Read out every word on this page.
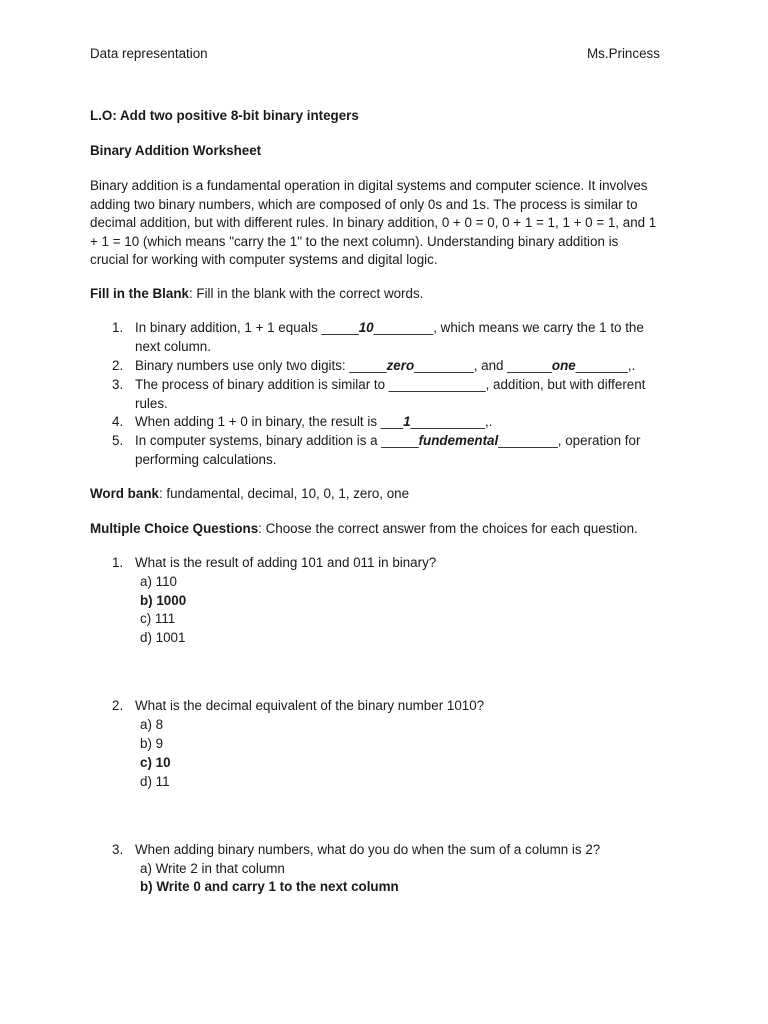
Data representation	Ms.Princess
L.O: Add two positive 8-bit binary integers
Binary Addition Worksheet

Binary addition is a fundamental operation in digital systems and computer science. It involves
adding two binary numbers, which are composed of only 0s and 1s. The process is similar to
decimal addition, but with different rules. In binary addition, 0 + 0 = 0, 0 + 1 = 1, 1 + 0 = 1, and 1
+ 1 = 10 (which means "carry the 1" to the next column). Understanding binary addition is
crucial for working with computer systems and digital logic.

Fill in the Blank: Fill in the blank with the correct words.
1. In binary addition, 1 + 1 equals _____10________, which means we carry the 1 to the
next column.
2. Binary numbers use only two digits: _____zero________, and ______one_______,.
3. The process of binary addition is similar to _____________, addition, but with different
rules.
4. When adding 1 + 0 in binary, the result is ___1__________,.
5. In computer systems, binary addition is a _____fundemental________, operation for
performing calculations.
Word bank: fundamental, decimal, 10, 0, 1, zero, one
Multiple Choice Questions: Choose the correct answer from the choices for each question.
1. What is the result of adding 101 and 011 in binary?
a) 110
b) 1000
c) 111
d) 1001
2. What is the decimal equivalent of the binary number 1010?
a) 8
b) 9
c) 10
d) 11
3. When adding binary numbers, what do you do when the sum of a column is 2?
a) Write 2 in that column
b) Write 0 and carry 1 to the next column
